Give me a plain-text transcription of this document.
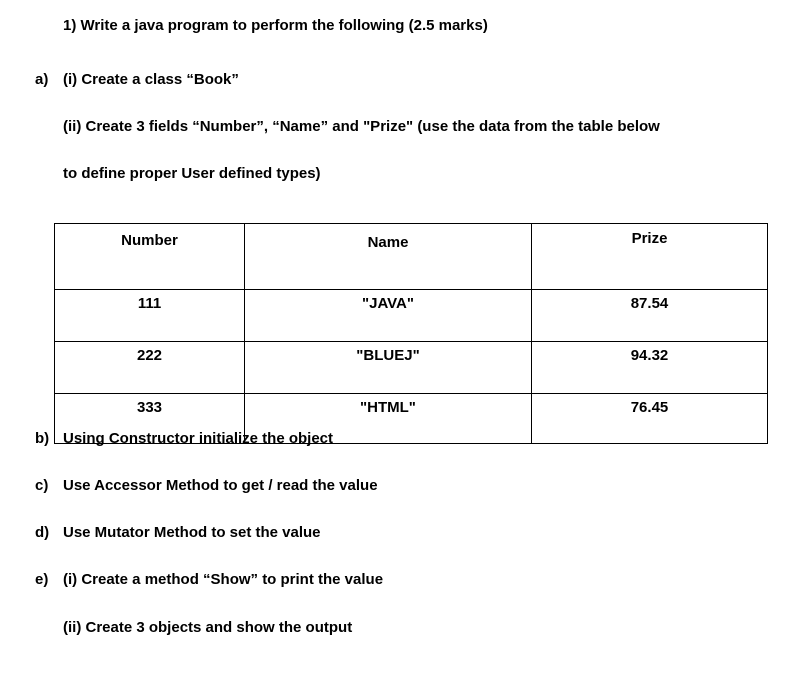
1) Write a java program to perform the following (2.5 marks)
a) (i) Create a class “Book”
(ii) Create 3 fields “Number”, “Name” and "Prize" (use the data from the table below
to define proper User defined types)
Number	Name	Prize
111	"JAVA"	87.54
222	"BLUEJ"	94.32
333	"HTML"	76.45
b) Using Constructor initialize the object
c) Use Accessor Method to get / read the value
d) Use Mutator Method to set the value
e) (i) Create a method “Show” to print the value
(ii) Create 3 objects and show the output
